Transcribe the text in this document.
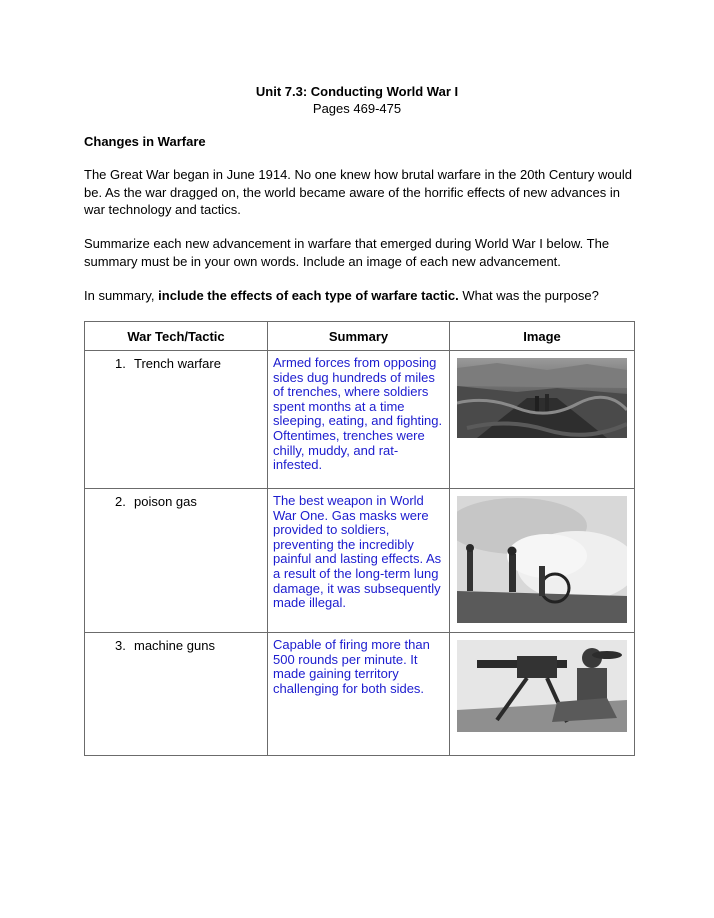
Unit 7.3: Conducting World War I
Pages 469-475
Changes in Warfare

The Great War began in June 1914. No one knew how brutal warfare in the 20th Century would be. As the war dragged on, the world became aware of the horrific effects of new advances in war technology and tactics.

Summarize each new advancement in warfare that emerged during World War I below. The summary must be in your own words. Include an image of each new advancement.

In summary, include the effects of each type of warfare tactic. What was the purpose?

War Tech/Tactic	Summary	Image
1. Trench warfare	Armed forces from opposing sides dug hundreds of miles of trenches, where soldiers spent months at a time sleeping, eating, and fighting. Oftentimes, trenches were chilly, muddy, and rat-infested.	

2. poison gas	The best weapon in World War One. Gas masks were provided to soldiers, preventing the incredibly painful and lasting effects. As a result of the long-term lung damage, it was subsequently made illegal.	

3. machine guns	Capable of firing more than 500 rounds per minute. It made gaining territory challenging for both sides.	
